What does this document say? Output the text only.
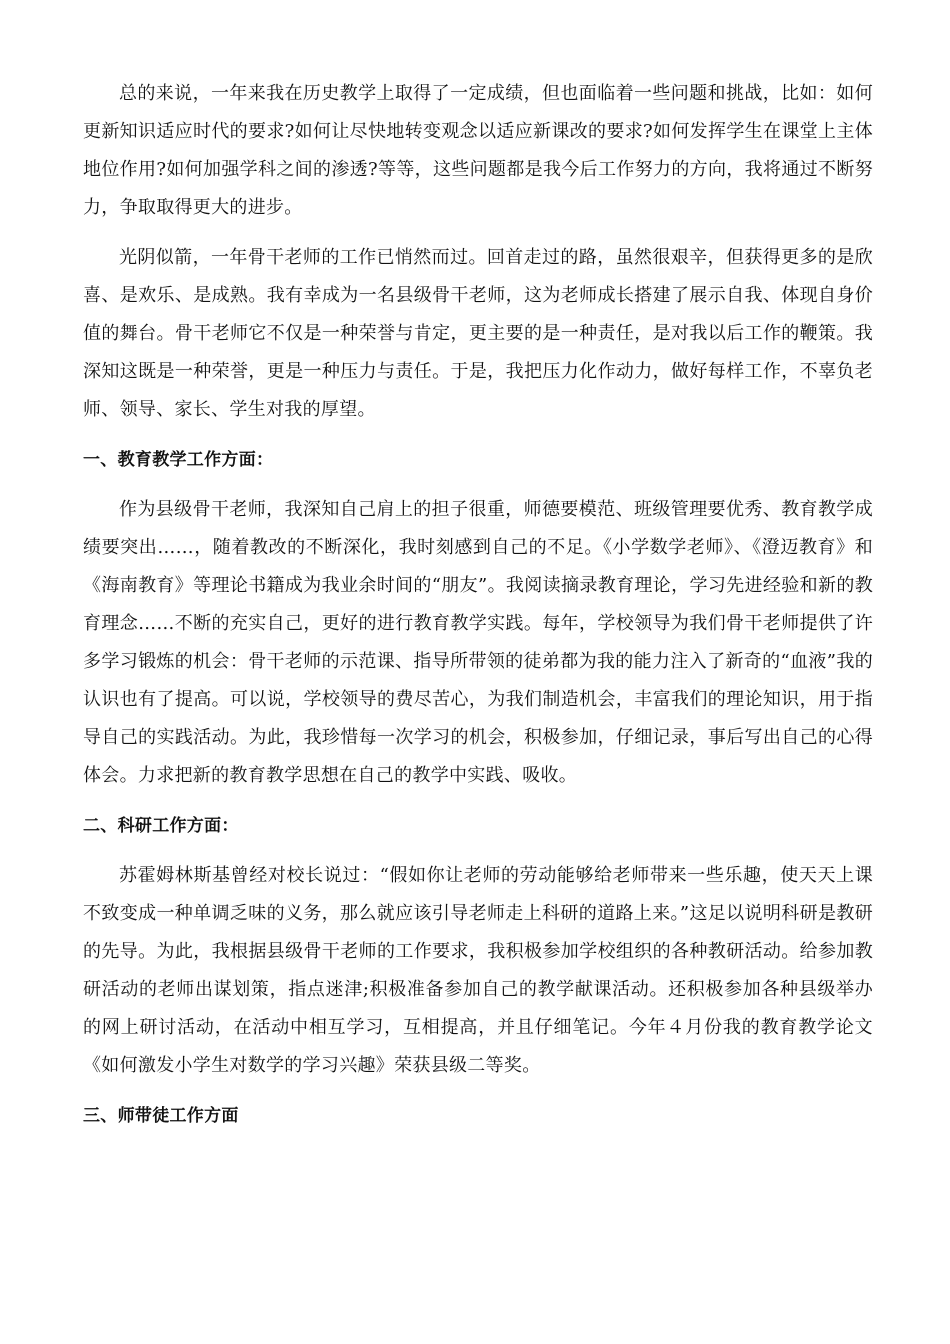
总的来说，一年来我在历史教学上取得了一定成绩，但也面临着一些问题和挑战，比如：如何更新知识适应时代的要求?如何让尽快地转变观念以适应新课改的要求?如何发挥学生在课堂上主体地位作用?如何加强学科之间的渗透?等等，这些问题都是我今后工作努力的方向，我将通过不断努力，争取取得更大的进步。

光阴似箭，一年骨干老师的工作已悄然而过。回首走过的路，虽然很艰辛，但获得更多的是欣喜、是欢乐、是成熟。我有幸成为一名县级骨干老师，这为老师成长搭建了展示自我、体现自身价值的舞台。骨干老师它不仅是一种荣誉与肯定，更主要的是一种责任，是对我以后工作的鞭策。我深知这既是一种荣誉，更是一种压力与责任。于是，我把压力化作动力，做好每样工作，不辜负老师、领导、家长、学生对我的厚望。

一、教育教学工作方面：

作为县级骨干老师，我深知自己肩上的担子很重，师德要模范、班级管理要优秀、教育教学成绩要突出……，随着教改的不断深化，我时刻感到自己的不足。《小学数学老师》、《澄迈教育》和《海南教育》等理论书籍成为我业余时间的“朋友”。我阅读摘录教育理论，学习先进经验和新的教育理念……不断的充实自己，更好的进行教育教学实践。每年，学校领导为我们骨干老师提供了许多学习锻炼的机会：骨干老师的示范课、指导所带领的徒弟都为我的能力注入了新奇的“血液”我的认识也有了提高。可以说，学校领导的费尽苦心，为我们制造机会，丰富我们的理论知识，用于指导自己的实践活动。为此，我珍惜每一次学习的机会，积极参加，仔细记录，事后写出自己的心得体会。力求把新的教育教学思想在自己的教学中实践、吸收。

二、科研工作方面：

苏霍姆林斯基曾经对校长说过：“假如你让老师的劳动能够给老师带来一些乐趣，使天天上课不致变成一种单调乏味的义务，那么就应该引导老师走上科研的道路上来。”这足以说明科研是教研的先导。为此，我根据县级骨干老师的工作要求，我积极参加学校组织的各种教研活动。给参加教研活动的老师出谋划策，指点迷津;积极准备参加自己的教学献课活动。还积极参加各种县级举办的网上研讨活动，在活动中相互学习，互相提高，并且仔细笔记。今年４月份我的教育教学论文《如何激发小学生对数学的学习兴趣》荣获县级二等奖。

三、师带徒工作方面
